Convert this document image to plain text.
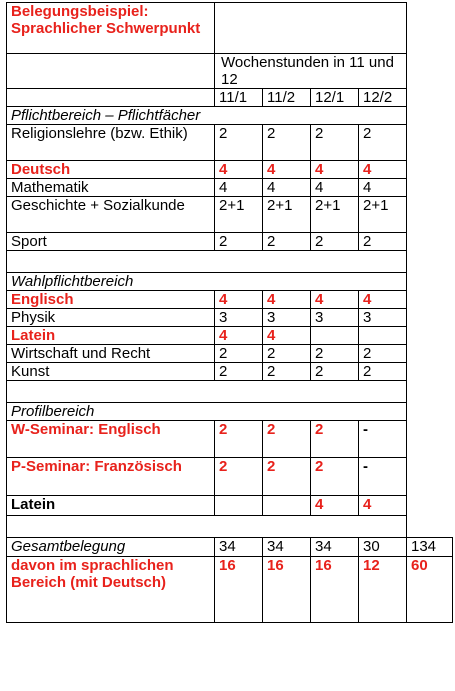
Belegungsbeispiel: Sprachlicher Schwerpunkt					
	Wochenstunden in 11 und 12				
	11/1	11/2	12/1	12/2	
Pflichtbereich – Pflichtfächer					
Religionslehre (bzw. Ethik)	2	2	2	2	
Deutsch	4	4	4	4	
Mathematik	4	4	4	4	
Geschichte + Sozialkunde	2+1	2+1	2+1	2+1	
Sport	2	2	2	2	

Wahlpflichtbereich					
Englisch	4	4	4	4	
Physik	3	3	3	3	
Latein	4	4			
Wirtschaft und Recht	2	2	2	2	
Kunst	2	2	2	2	

Profilbereich					
W-Seminar: Englisch	2	2	2	-	
P-Seminar: Französisch	2	2	2	-	
Latein			4	4	

Gesamtbelegung	34	34	34	30	134
davon im sprachlichen Bereich (mit Deutsch)	16	16	16	12	60
